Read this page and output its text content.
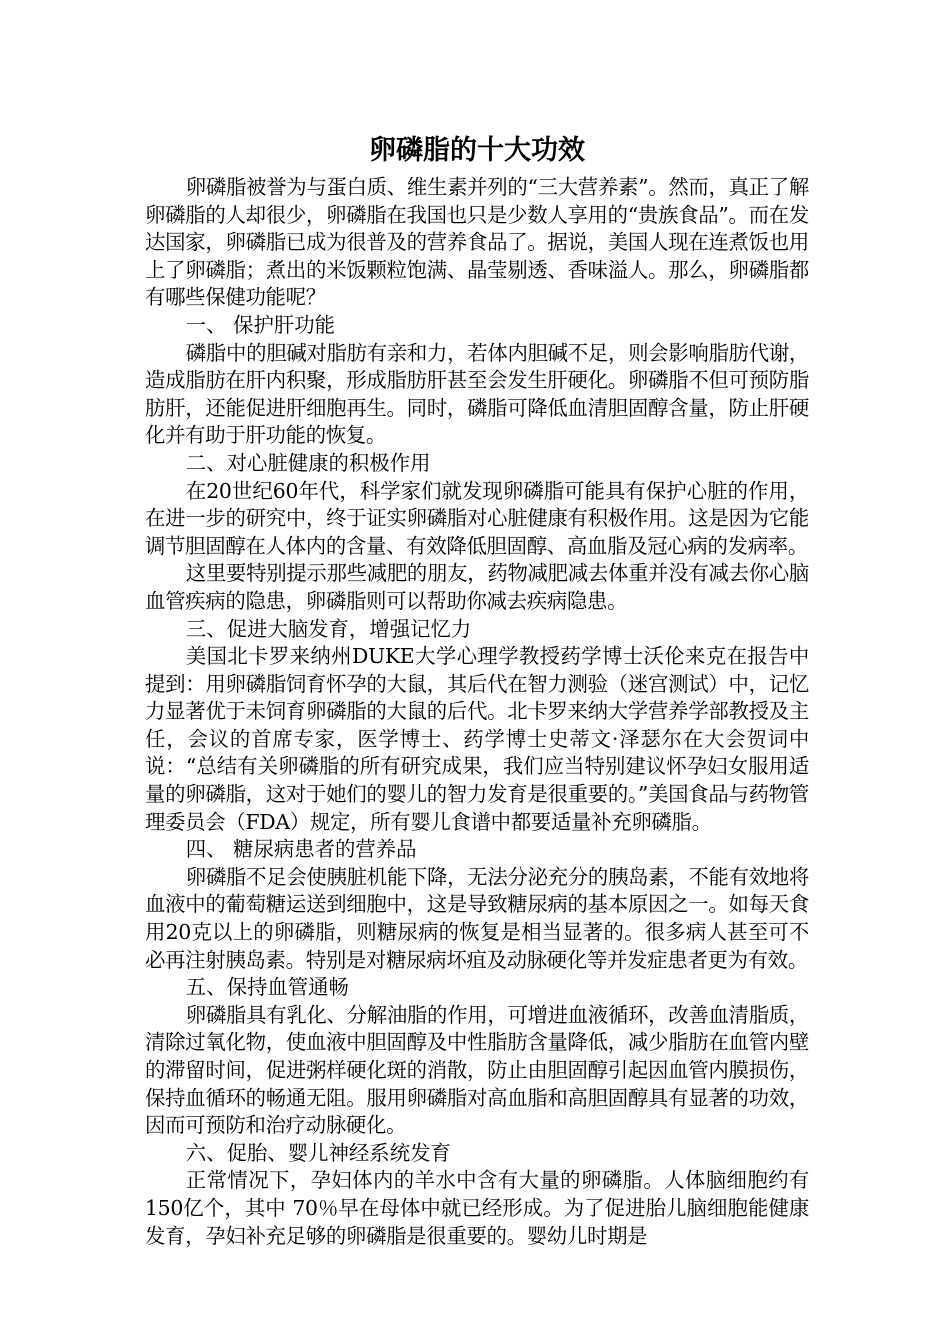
卵磷脂的十大功效

卵磷脂被誉为与蛋白质、维生素并列的“三大营养素”。然而，真正了解卵磷脂的人却很少，卵磷脂在我国也只是少数人享用的“贵族食品”。而在发达国家，卵磷脂已成为很普及的营养食品了。据说，美国人现在连煮饭也用上了卵磷脂；煮出的米饭颗粒饱满、晶莹剔透、香味溢人。那么，卵磷脂都有哪些保健功能呢？

一、 保护肝功能

磷脂中的胆碱对脂肪有亲和力，若体内胆碱不足，则会影响脂肪代谢，造成脂肪在肝内积聚，形成脂肪肝甚至会发生肝硬化。卵磷脂不但可预防脂肪肝，还能促进肝细胞再生。同时，磷脂可降低血清胆固醇含量，防止肝硬化并有助于肝功能的恢复。

二、对心脏健康的积极作用

在20世纪60年代，科学家们就发现卵磷脂可能具有保护心脏的作用，在进一步的研究中，终于证实卵磷脂对心脏健康有积极作用。这是因为它能调节胆固醇在人体内的含量、有效降低胆固醇、高血脂及冠心病的发病率。

这里要特别提示那些减肥的朋友，药物减肥减去体重并没有减去你心脑血管疾病的隐患，卵磷脂则可以帮助你减去疾病隐患。

三、促进大脑发育，增强记忆力

美国北卡罗来纳州DUKE大学心理学教授药学博士沃伦来克在报告中提到：用卵磷脂饲育怀孕的大鼠，其后代在智力测验（迷宫测试）中，记忆力显著优于未饲育卵磷脂的大鼠的后代。北卡罗来纳大学营养学部教授及主任，会议的首席专家，医学博士、药学博士史蒂文·泽瑟尔在大会贺词中说：“总结有关卵磷脂的所有研究成果，我们应当特别建议怀孕妇女服用适量的卵磷脂，这对于她们的婴儿的智力发育是很重要的。”美国食品与药物管理委员会（FDA）规定，所有婴儿食谱中都要适量补充卵磷脂。

四、 糖尿病患者的营养品

卵磷脂不足会使胰脏机能下降，无法分泌充分的胰岛素，不能有效地将血液中的葡萄糖运送到细胞中，这是导致糖尿病的基本原因之一。如每天食用20克以上的卵磷脂，则糖尿病的恢复是相当显著的。很多病人甚至可不必再注射胰岛素。特别是对糖尿病坏疽及动脉硬化等并发症患者更为有效。

五、保持血管通畅

卵磷脂具有乳化、分解油脂的作用，可增进血液循环，改善血清脂质，清除过氧化物，使血液中胆固醇及中性脂肪含量降低，减少脂肪在血管内壁的滞留时间，促进粥样硬化斑的消散，防止由胆固醇引起因血管内膜损伤，保持血循环的畅通无阻。服用卵磷脂对高血脂和高胆固醇具有显著的功效，因而可预防和治疗动脉硬化。

六、促胎、婴儿神经系统发育

正常情况下，孕妇体内的羊水中含有大量的卵磷脂。人体脑细胞约有150亿个，其中 70％早在母体中就已经形成。为了促进胎儿脑细胞能健康发育，孕妇补充足够的卵磷脂是很重要的。婴幼儿时期是
